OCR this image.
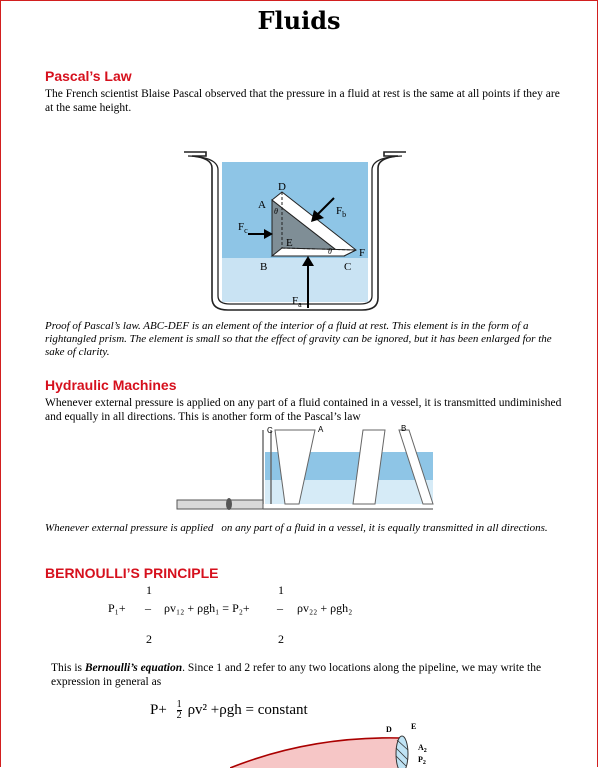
Fluids
Pascal’s Law
The French scientist Blaise Pascal observed that the pressure in a fluid at rest is the same at all points if they are at the same height.
A
D
B
E
C
F
θ
θ
$F_c$
$F_b$
$F_a$
Proof of Pascal’s law. ABC-DEF is an element of the interior of a fluid at rest. This element is in the form of a rightangled prism. The element is small so that the effect of gravity can be ignored, but it has been enlarged for the sake of clarity.
Hydraulic Machines
Whenever external pressure is applied on any part of a fluid contained in a vessel, it is transmitted undiminished and equally in all directions. This is another form of the Pascal’s law
C	A	B
Whenever external pressure is applied on any part of a fluid in a vessel, it is equally transmitted in all directions.
BERNOULLI’S PRINCIPLE
1	1
P₁+ _ ρv₁₂ + ρgh₁ = P₂+ _ ρv₂₂ + ρgh₂
2	2
This is Bernoulli’s equation. Since 1 and 2 refer to any two locations along the pipeline, we may write the expression in general as
$P+ \frac{1}{2} \rho v^2 +\rho gh$ = constant
D E
$A_2$
$P_2$
